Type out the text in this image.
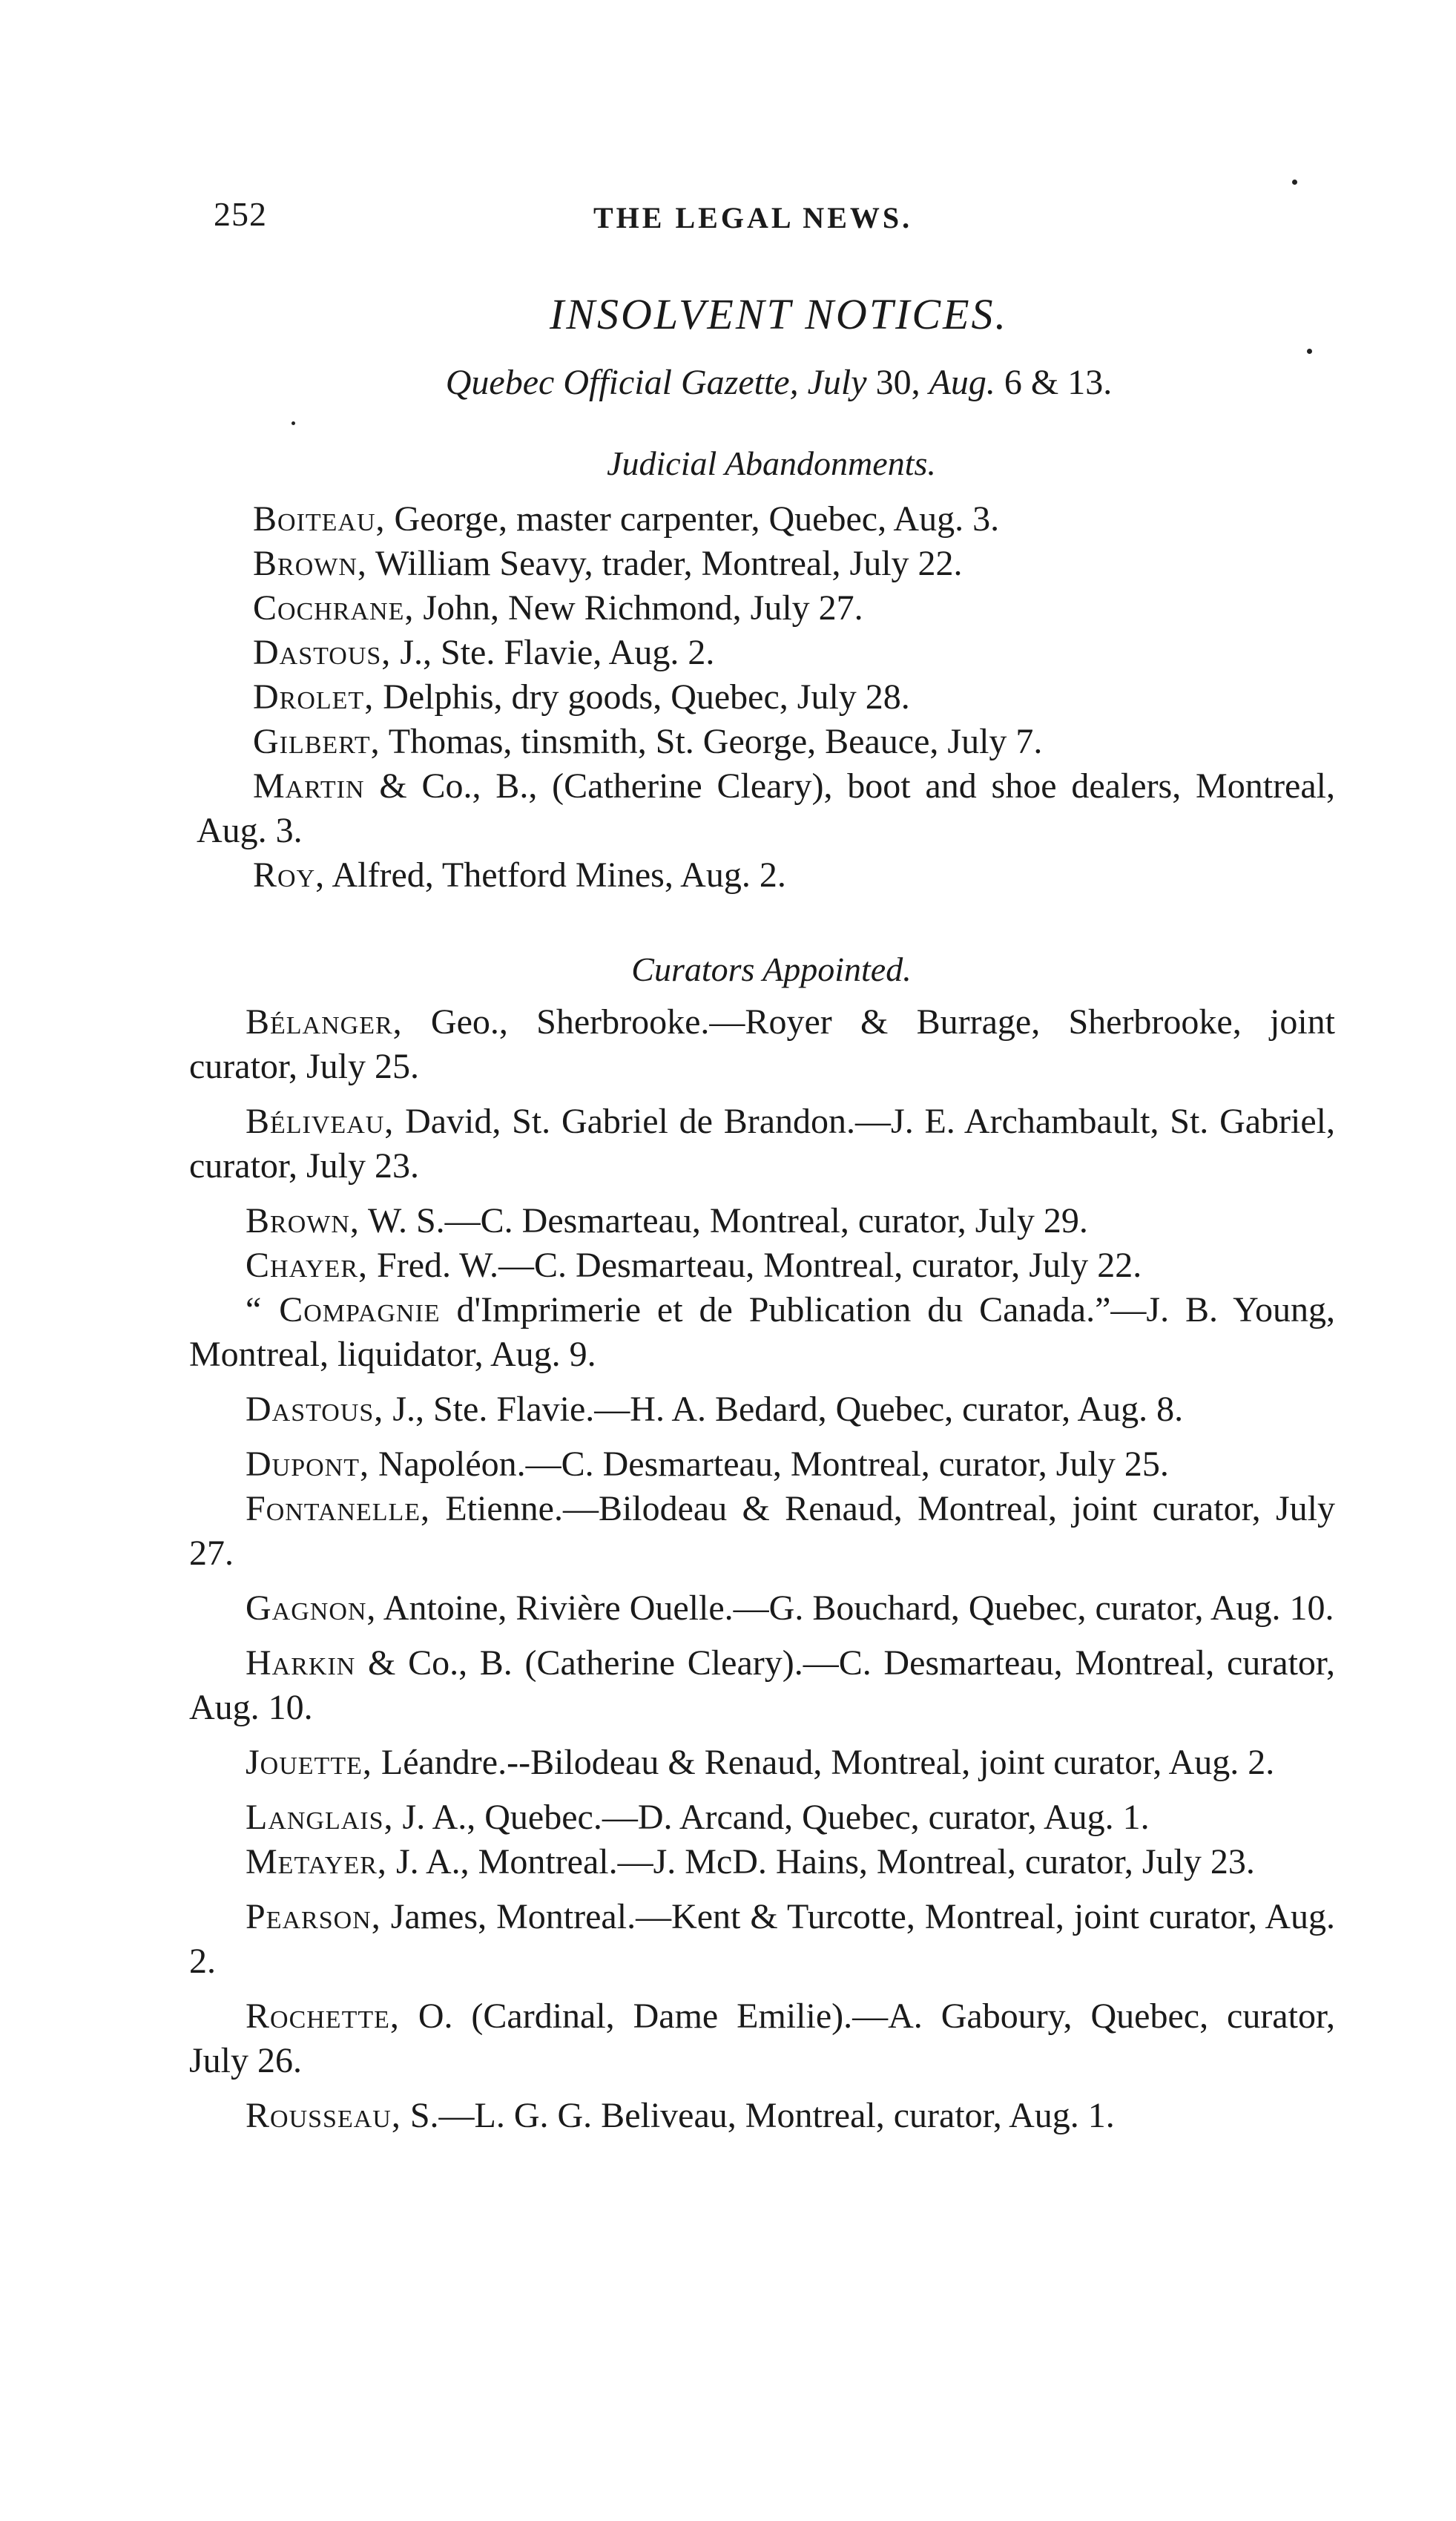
252	THE LEGAL NEWS.
INSOLVENT NOTICES.
Quebec Official Gazette, July 30, Aug. 6 & 13.
Judicial Abandonments.

Boiteau, George, master carpenter, Quebec, Aug. 3.

Brown, William Seavy, trader, Montreal, July 22.

Cochrane, John, New Richmond, July 27.

Dastous, J., Ste. Flavie, Aug. 2.

Drolet, Delphis, dry goods, Quebec, July 28.

Gilbert, Thomas, tinsmith, St. George, Beauce, July 7.

Martin & Co., B., (Catherine Cleary), boot and shoe dealers, Montreal, Aug. 3.

Roy, Alfred, Thetford Mines, Aug. 2.

Curators Appointed.

Bélanger, Geo., Sherbrooke.—Royer & Burrage, Sherbrooke, joint curator, July 25.

Béliveau, David, St. Gabriel de Brandon.—J. E. Archambault, St. Gabriel, curator, July 23.

Brown, W. S.—C. Desmarteau, Montreal, curator, July 29.

Chayer, Fred. W.—C. Desmarteau, Montreal, curator, July 22.

“ Compagnie d'Imprimerie et de Publication du Canada.”—J. B. Young, Montreal, liquidator, Aug. 9.

Dastous, J., Ste. Flavie.—H. A. Bedard, Quebec, curator, Aug. 8.

Dupont, Napoléon.—C. Desmarteau, Montreal, curator, July 25.

Fontanelle, Etienne.—Bilodeau & Renaud, Montreal, joint curator, July 27.

Gagnon, Antoine, Rivière Ouelle.—G. Bouchard, Quebec, curator, Aug. 10.

Harkin & Co., B. (Catherine Cleary).—C. Desmarteau, Montreal, curator, Aug. 10.

Jouette, Léandre.--Bilodeau & Renaud, Montreal, joint curator, Aug. 2.

Langlais, J. A., Quebec.—D. Arcand, Quebec, curator, Aug. 1.

Metayer, J. A., Montreal.—J. McD. Hains, Montreal, curator, July 23.

Pearson, James, Montreal.—Kent & Turcotte, Montreal, joint curator, Aug. 2.

Rochette, O. (Cardinal, Dame Emilie).—A. Gaboury, Quebec, curator, July 26.

Rousseau, S.—L. G. G. Beliveau, Montreal, curator, Aug. 1.
